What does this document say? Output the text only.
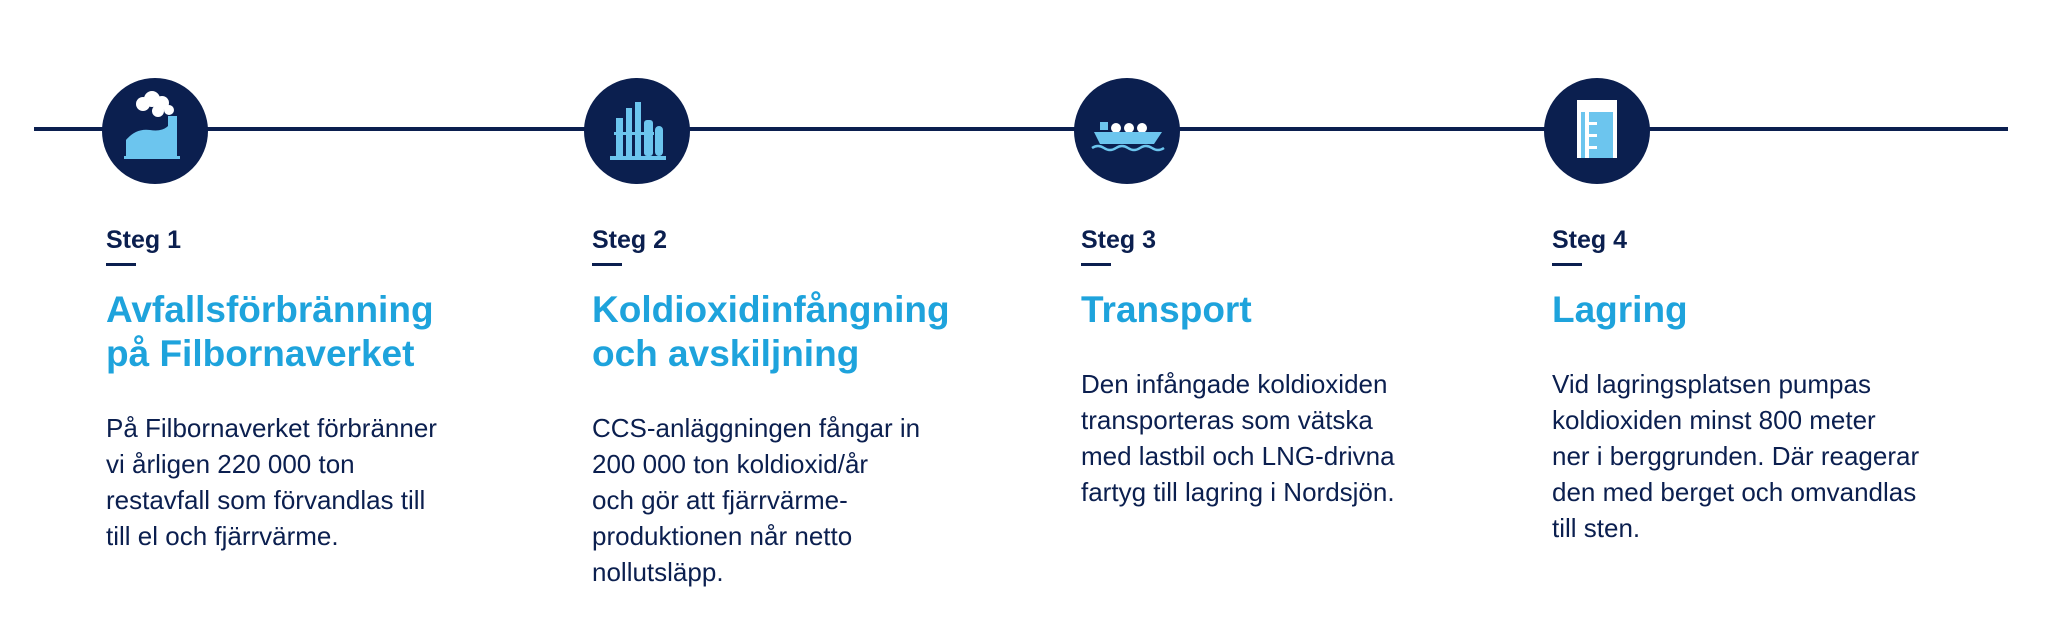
Steg 1

Avfallsförbränning
på Filbornaverket

På Filbornaverket förbränner
vi årligen 220 000 ton
restavfall som förvandlas till
till el och fjärrvärme.

Steg 2

Koldioxidinfångning
och avskiljning

CCS-anläggningen fångar in
200 000 ton koldioxid/år
och gör att fjärrvärme-
produktionen når netto
nollutsläpp.

Steg 3

Transport

Den infångade koldioxiden
transporteras som vätska
med lastbil och LNG-drivna
fartyg till lagring i Nordsjön.

Steg 4

Lagring

Vid lagringsplatsen pumpas
koldioxiden minst 800 meter
ner i berggrunden. Där reagerar
den med berget och omvandlas
till sten.
